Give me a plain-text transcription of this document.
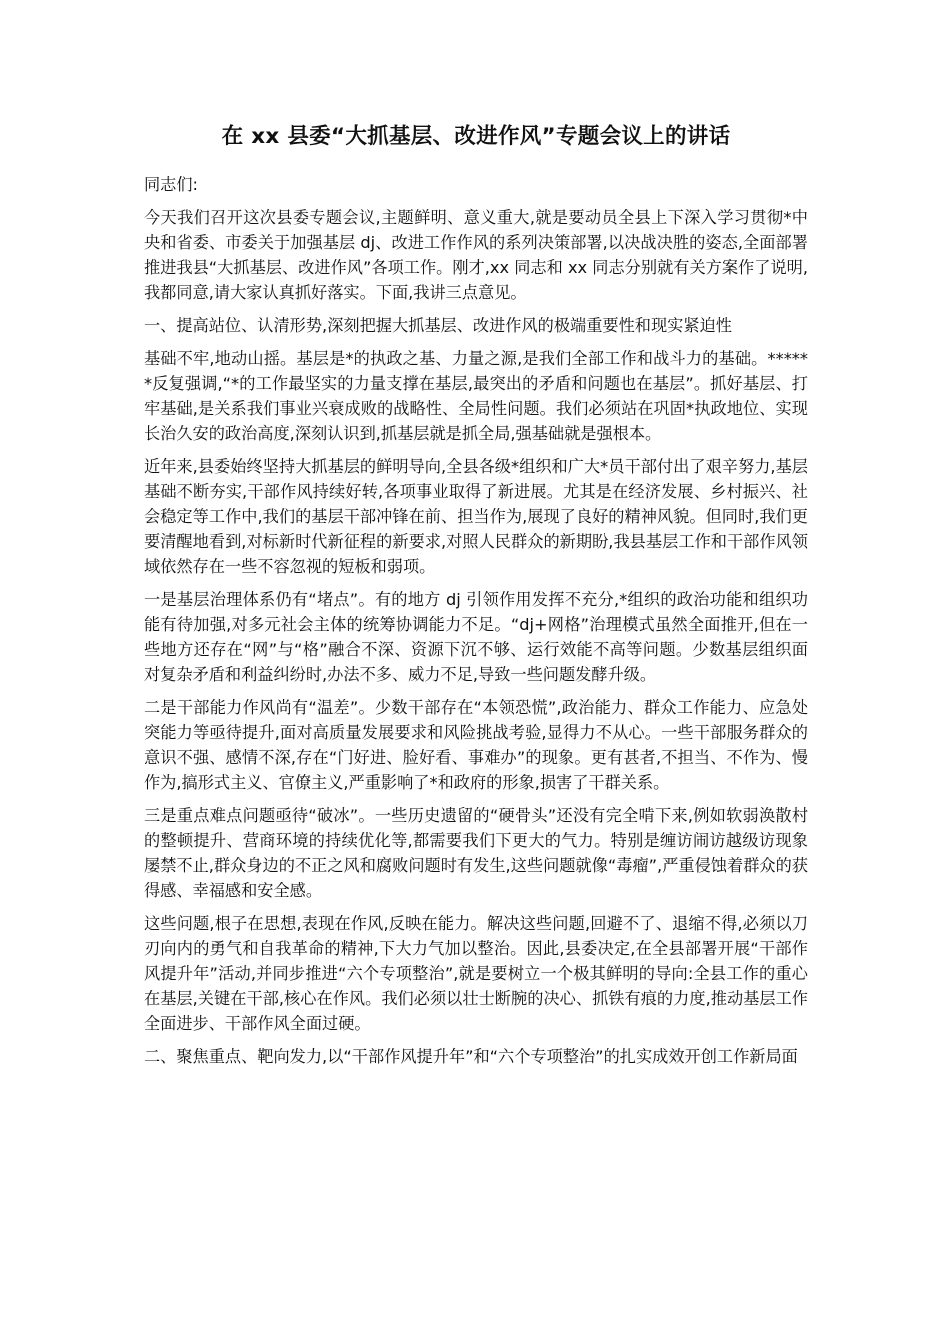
在 xx 县委“大抓基层、改进作风”专题会议上的讲话

同志们:

今天我们召开这次县委专题会议,主题鲜明、意义重大,就是要动员全县上下深入学习贯彻*中央和省委、市委关于加强基层 dj、改进工作作风的系列决策部署,以决战决胜的姿态,全面部署推进我县“大抓基层、改进作风”各项工作。刚才,xx 同志和 xx 同志分别就有关方案作了说明,我都同意,请大家认真抓好落实。下面,我讲三点意见。

一、提高站位、认清形势,深刻把握大抓基层、改进作风的极端重要性和现实紧迫性

基础不牢,地动山摇。基层是*的执政之基、力量之源,是我们全部工作和战斗力的基础。******反复强调,“*的工作最坚实的力量支撑在基层,最突出的矛盾和问题也在基层”。抓好基层、打牢基础,是关系我们事业兴衰成败的战略性、全局性问题。我们必须站在巩固*执政地位、实现长治久安的政治高度,深刻认识到,抓基层就是抓全局,强基础就是强根本。

近年来,县委始终坚持大抓基层的鲜明导向,全县各级*组织和广大*员干部付出了艰辛努力,基层基础不断夯实,干部作风持续好转,各项事业取得了新进展。尤其是在经济发展、乡村振兴、社会稳定等工作中,我们的基层干部冲锋在前、担当作为,展现了良好的精神风貌。但同时,我们更要清醒地看到,对标新时代新征程的新要求,对照人民群众的新期盼,我县基层工作和干部作风领域依然存在一些不容忽视的短板和弱项。

一是基层治理体系仍有“堵点”。有的地方 dj 引领作用发挥不充分,*组织的政治功能和组织功能有待加强,对多元社会主体的统筹协调能力不足。“dj+网格”治理模式虽然全面推开,但在一些地方还存在“网”与“格”融合不深、资源下沉不够、运行效能不高等问题。少数基层组织面对复杂矛盾和利益纠纷时,办法不多、威力不足,导致一些问题发酵升级。

二是干部能力作风尚有“温差”。少数干部存在“本领恐慌”,政治能力、群众工作能力、应急处突能力等亟待提升,面对高质量发展要求和风险挑战考验,显得力不从心。一些干部服务群众的意识不强、感情不深,存在“门好进、脸好看、事难办”的现象。更有甚者,不担当、不作为、慢作为,搞形式主义、官僚主义,严重影响了*和政府的形象,损害了干群关系。

三是重点难点问题亟待“破冰”。一些历史遗留的“硬骨头”还没有完全啃下来,例如软弱涣散村的整顿提升、营商环境的持续优化等,都需要我们下更大的气力。特别是缠访闹访越级访现象屡禁不止,群众身边的不正之风和腐败问题时有发生,这些问题就像“毒瘤”,严重侵蚀着群众的获得感、幸福感和安全感。

这些问题,根子在思想,表现在作风,反映在能力。解决这些问题,回避不了、退缩不得,必须以刀刃向内的勇气和自我革命的精神,下大力气加以整治。因此,县委决定,在全县部署开展“干部作风提升年”活动,并同步推进“六个专项整治”,就是要树立一个极其鲜明的导向:全县工作的重心在基层,关键在干部,核心在作风。我们必须以壮士断腕的决心、抓铁有痕的力度,推动基层工作全面进步、干部作风全面过硬。

二、聚焦重点、靶向发力,以“干部作风提升年”和“六个专项整治”的扎实成效开创工作新局面
